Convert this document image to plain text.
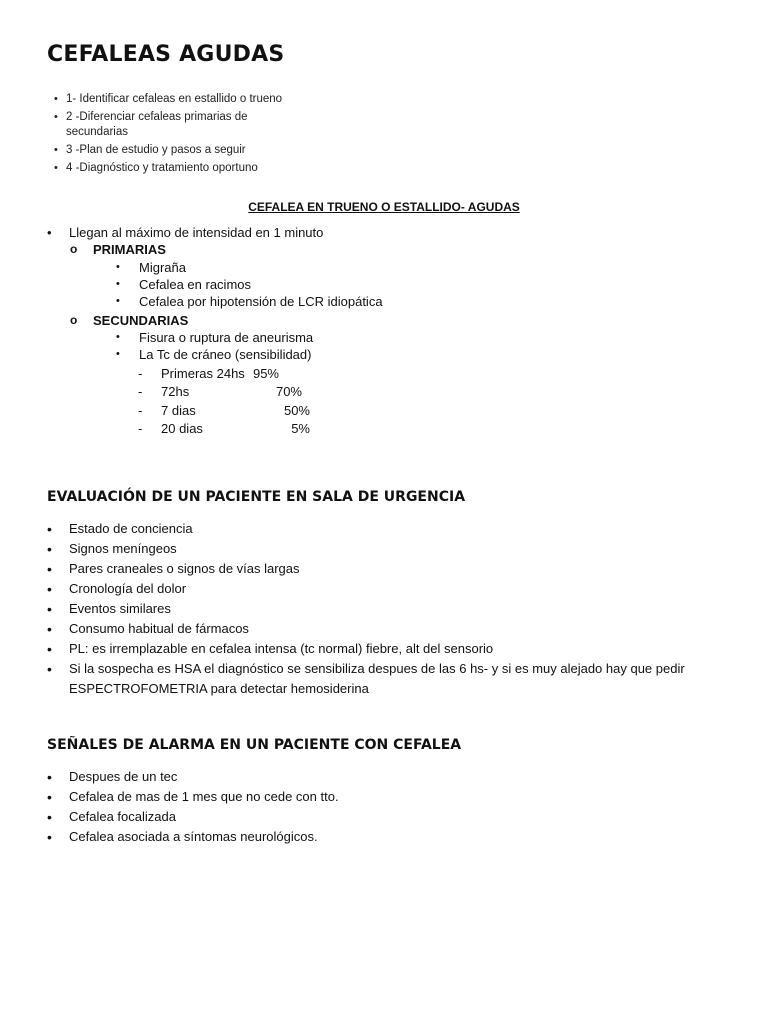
CEFALEAS AGUDAS
• 1- Identificar cefaleas en estallido o trueno
• 2 -Diferenciar cefaleas primarias de secundarias
• 3 -Plan de estudio y pasos a seguir
• 4 -Diagnóstico y tratamiento oportuno
CEFALEA EN TRUENO O ESTALLIDO- AGUDAS
• Llegan al máximo de intensidad en 1 minuto
o PRIMARIAS
• Migraña
• Cefalea en racimos
• Cefalea por hipotensión de LCR idiopática
o SECUNDARIAS
• Fisura o ruptura de aneurisma
• La Tc de cráneo (sensibilidad)
- Primeras 24hs 95%
- 72hs	70%
- 7 dias	50%
- 20 dias	5%
EVALUACIÓN DE UN PACIENTE EN SALA DE URGENCIA
• Estado de conciencia
• Signos meníngeos
• Pares craneales o signos de vías largas
• Cronología del dolor
• Eventos similares
• Consumo habitual de fármacos
• PL: es irremplazable en cefalea intensa (tc normal) fiebre, alt del sensorio
• Si la sospecha es HSA el diagnóstico se sensibiliza despues de las 6 hs- y si es muy alejado hay que pedir ESPECTROFOMETRIA para detectar hemosiderina
SEÑALES DE ALARMA EN UN PACIENTE CON CEFALEA
• Despues de un tec
• Cefalea de mas de 1 mes que no cede con tto.
• Cefalea focalizada
• Cefalea asociada a síntomas neurológicos.
